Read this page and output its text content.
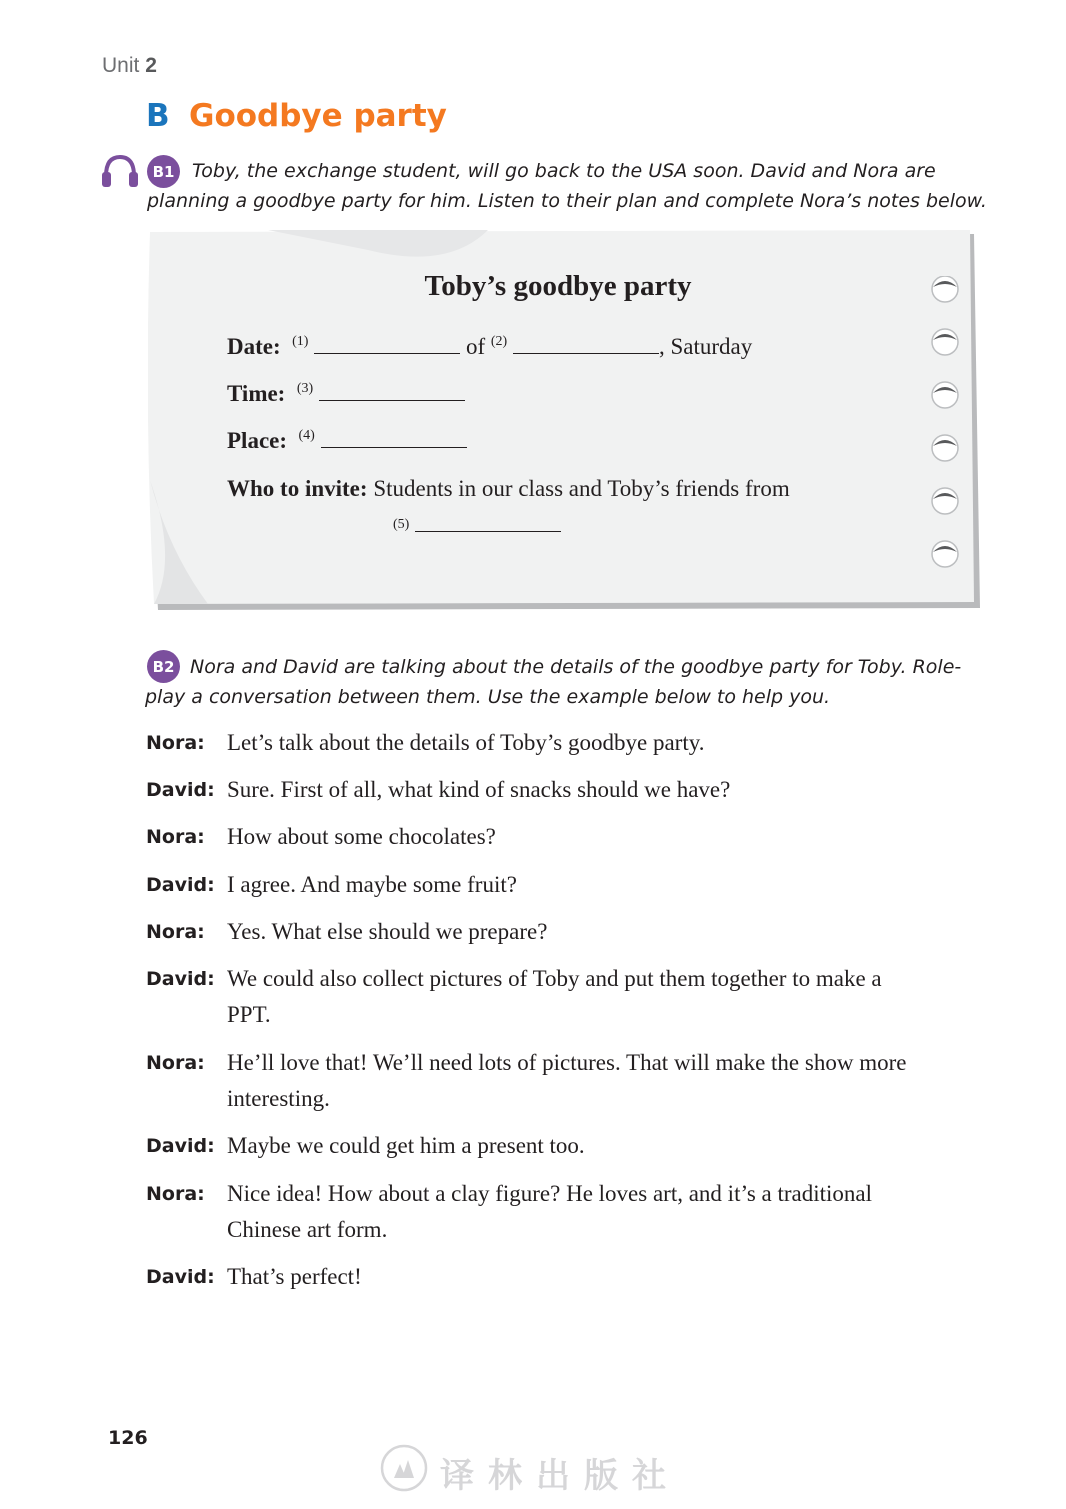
Unit 2
B Goodbye party
B1 Toby, the exchange student, will go back to the USA soon. David and Nora are
planning a goodbye party for him. Listen to their plan and complete Nora’s notes below.
Toby’s goodbye party
Date: $^{(1)}$	of $^{(2)}$	, Saturday
Time: $^{(3)}$
Place: $^{(4)}$
Who to invite: Students in our class and Toby’s friends from
(5)
B2 Nora and David are talking about the details of the goodbye party for Toby. Role-
play a conversation between them. Use the example below to help you.
Nora: Let’s talk about the details of Toby’s goodbye party.
David: Sure. First of all, what kind of snacks should we have?
Nora: How about some chocolates?
David: I agree. And maybe some fruit?
Nora: Yes. What else should we prepare?
David: We could also collect pictures of Toby and put them together to make a
PPT.
Nora: He’ll love that! We’ll need lots of pictures. That will make the show more
interesting.
David: Maybe we could get him a present too.
Nora: Nice idea! How about a clay figure? He loves art, and it’s a traditional
Chinese art form.
David: That’s perfect!
126
译林出版社
